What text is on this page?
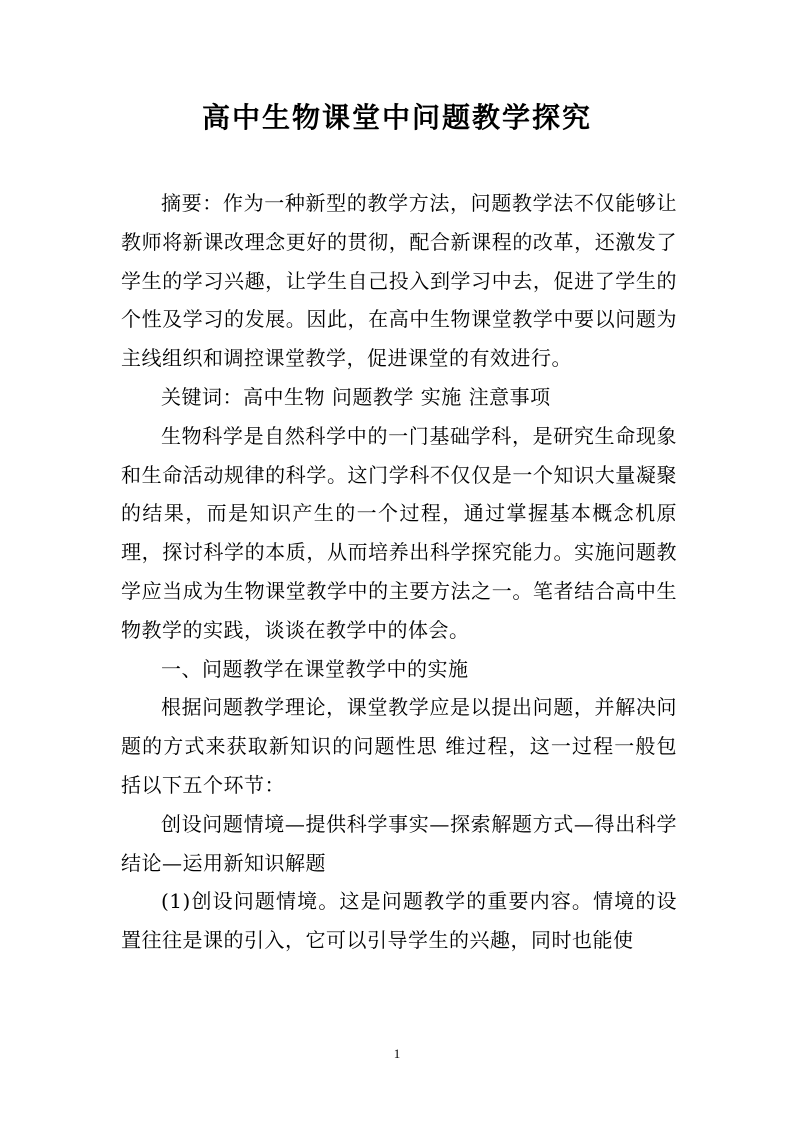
高中生物课堂中问题教学探究

摘要：作为一种新型的教学方法，问题教学法不仅能够让教师将新课改理念更好的贯彻，配合新课程的改革，还激发了学生的学习兴趣，让学生自己投入到学习中去，促进了学生的个性及学习的发展。因此，在高中生物课堂教学中要以问题为主线组织和调控课堂教学，促进课堂的有效进行。

关键词：高中生物 问题教学 实施 注意事项

生物科学是自然科学中的一门基础学科，是研究生命现象和生命活动规律的科学。这门学科不仅仅是一个知识大量凝聚的结果，而是知识产生的一个过程，通过掌握基本概念机原理，探讨科学的本质，从而培养出科学探究能力。实施问题教学应当成为生物课堂教学中的主要方法之一。笔者结合高中生物教学的实践，谈谈在教学中的体会。

一、问题教学在课堂教学中的实施

根据问题教学理论，课堂教学应是以提出问题，并解决问题的方式来获取新知识的问题性思 维过程，这一过程一般包括以下五个环节：

创设问题情境—提供科学事实—探索解题方式—得出科学结论—运用新知识解题

(1)创设问题情境。这是问题教学的重要内容。情境的设置往往是课的引入，它可以引导学生的兴趣，同时也能使

1
